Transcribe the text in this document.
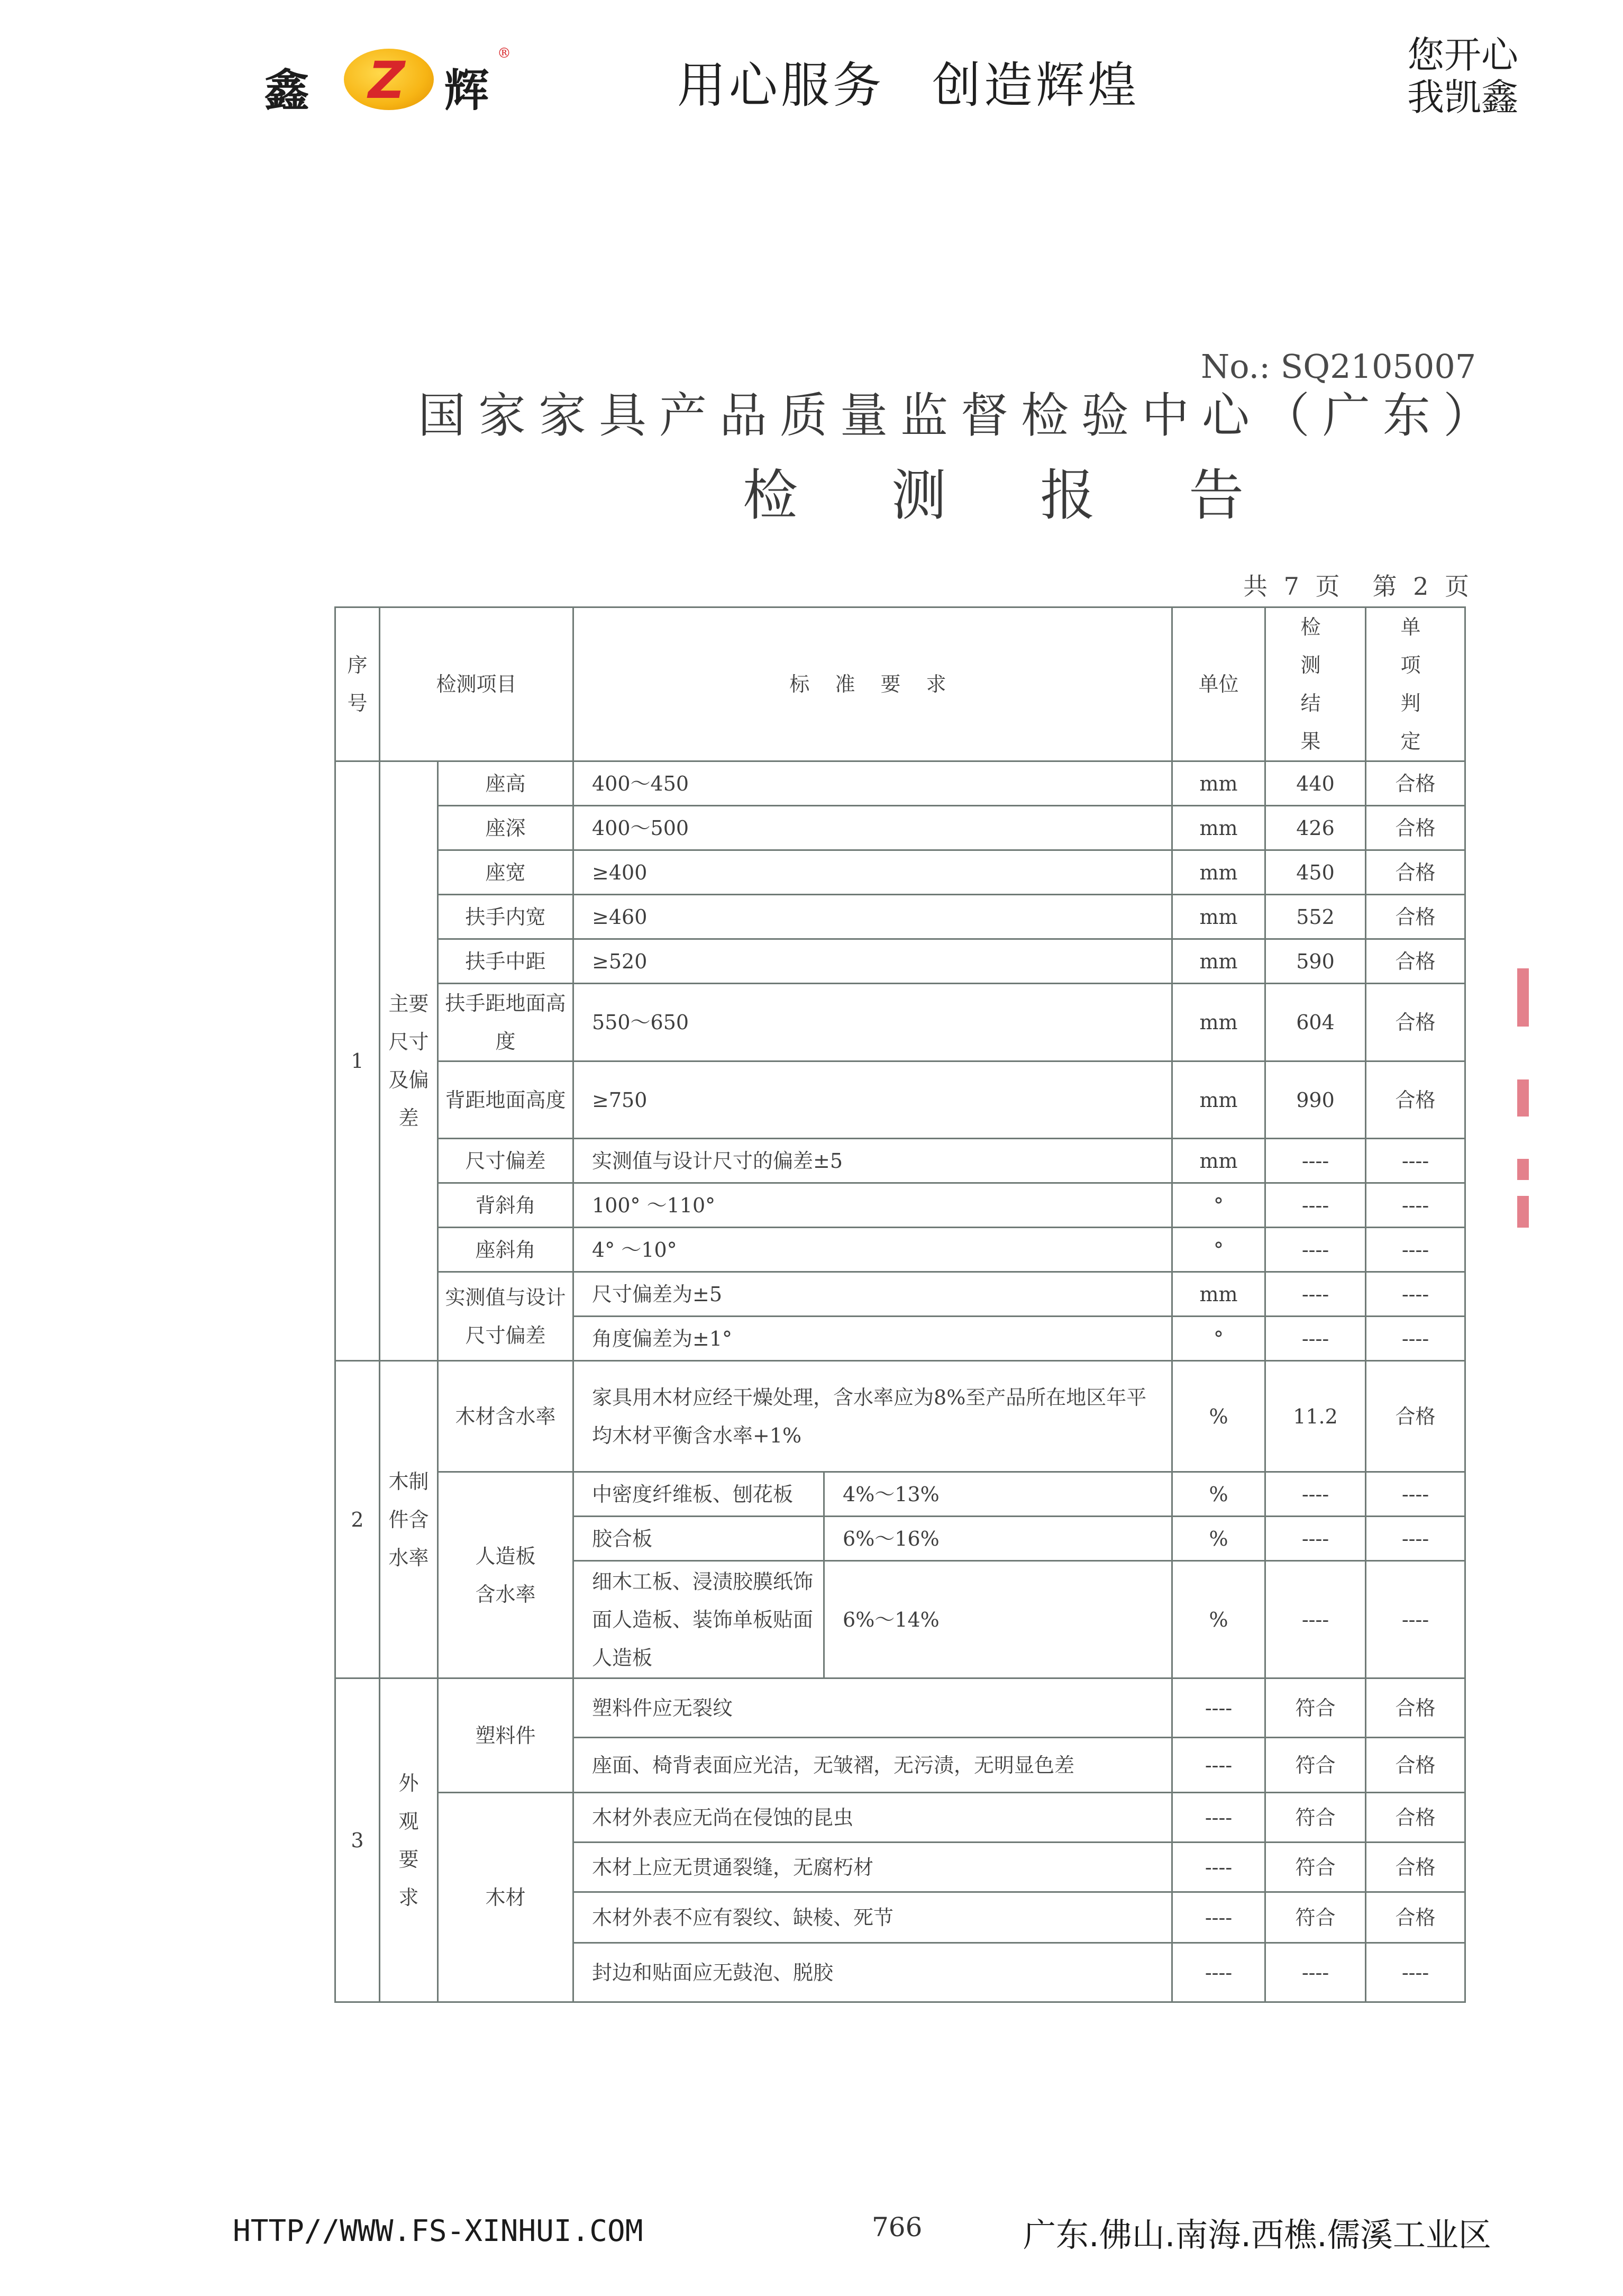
鑫 Z 辉
®
用心服务 创造辉煌
您开心
我凯鑫
No.: SQ2105007
国家家具产品质量监督检验中心（广东）
检 测 报 告
共 7 页　第 2 页
序号	检测项目		标 准 要 求		单位	检 测 结 果	单 项 判 定
1	主要尺寸及偏差	座高	400～450		mm	440	合格
		座深	400～500		mm	426	合格
		座宽	≥400		mm	450	合格
		扶手内宽	≥460		mm	552	合格
		扶手中距	≥520		mm	590	合格
		扶手距地面高度	550～650		mm	604	合格
		背距地面高度	≥750		mm	990	合格
		尺寸偏差	实测值与设计尺寸的偏差±5		mm	----	----
		背斜角	100° ～110°		°	----	----
		座斜角	4° ～10°		°	----	----
		实测值与设计尺寸偏差	尺寸偏差为±5		mm	----	----
			角度偏差为±1°		°	----	----
2	木制件含水率	木材含水率	家具用木材应经干燥处理，含水率应为8%至产品所在地区年平均木材平衡含水率+1%		%	11.2	合格
		人造板含水率	中密度纤维板、刨花板	4%～13%	%	----	----
			胶合板	6%～16%	%	----	----
			细木工板、浸渍胶膜纸饰面人造板、装饰单板贴面人造板	6%～14%	%	----	----
3	外观要求	塑料件	塑料件应无裂纹		----	符合	合格
			座面、椅背表面应光洁，无皱褶，无污渍，无明显色差		----	符合	合格
		木材	木材外表应无尚在侵蚀的昆虫		----	符合	合格
			木材上应无贯通裂缝，无腐朽材		----	符合	合格
			木材外表不应有裂纹、缺棱、死节		----	符合	合格
			封边和贴面应无鼓泡、脱胶		----	----	----
HTTP//WWW.FS-XINHUI.COM	766	广东.佛山.南海.西樵.儒溪工业区
